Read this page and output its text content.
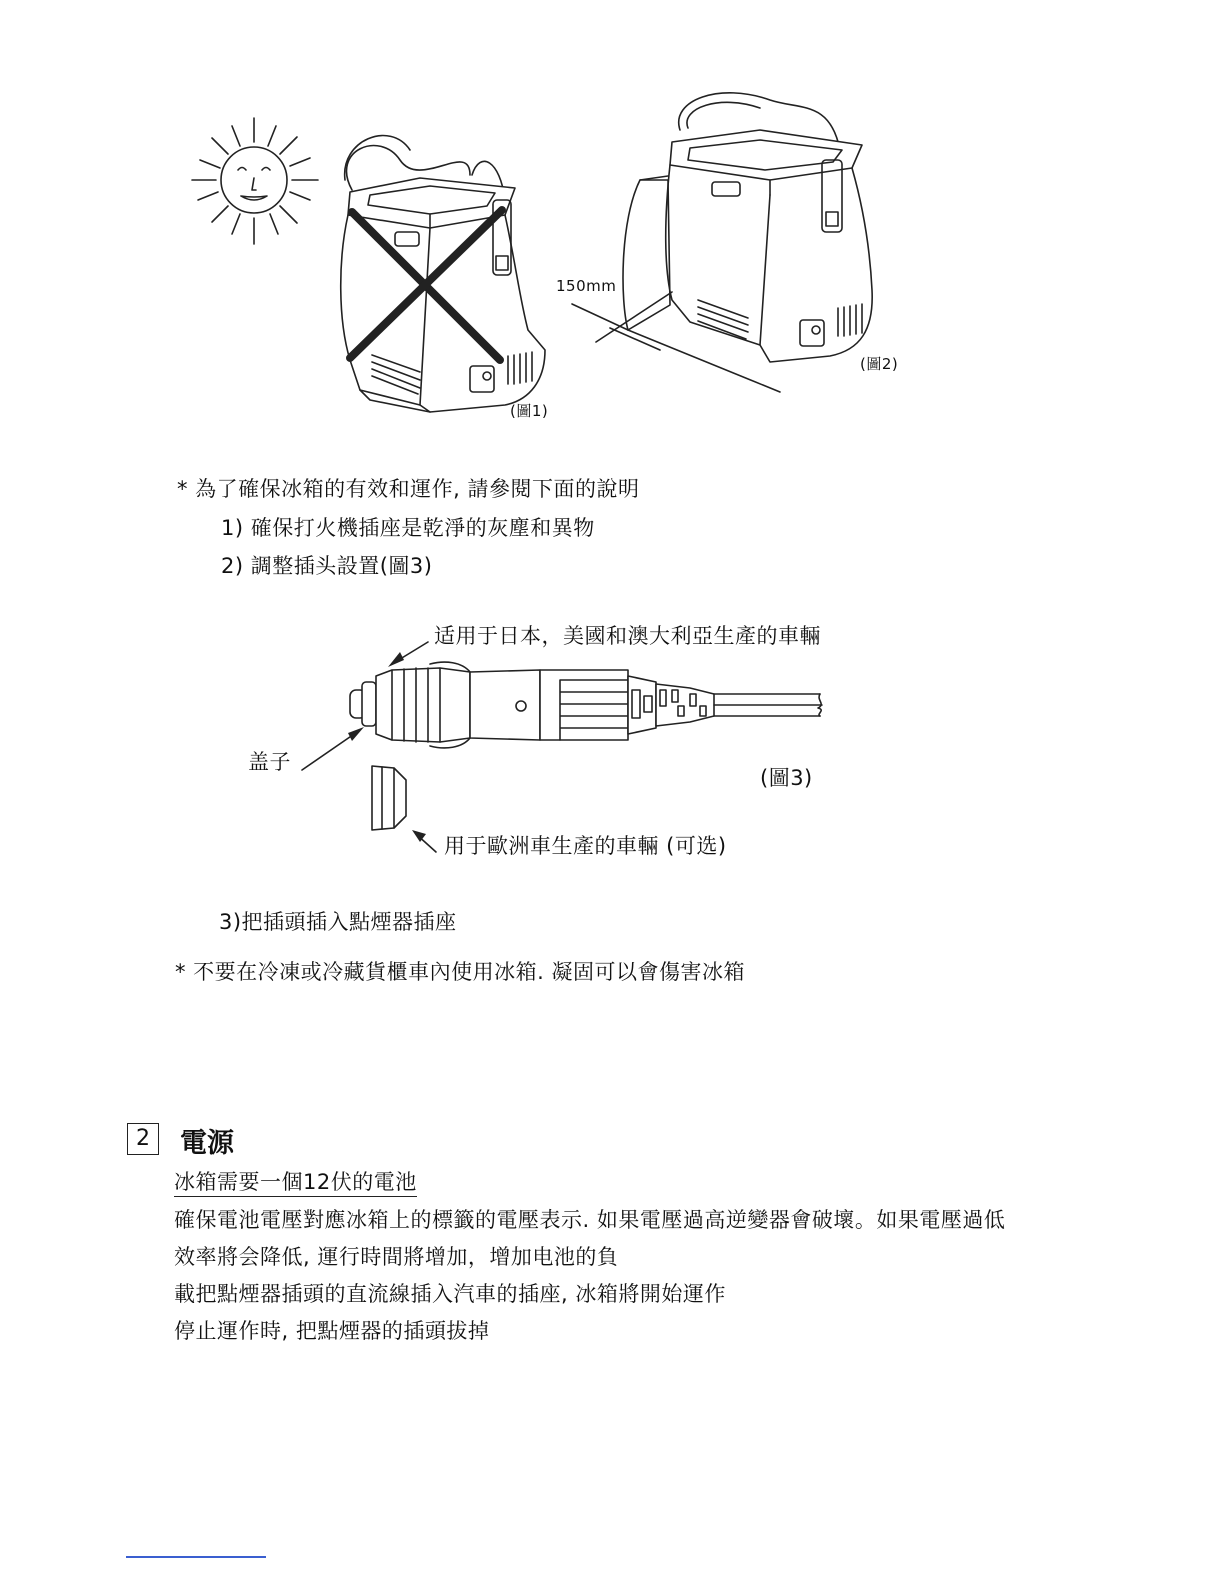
150mm
(圖1)
(圖2)
* 為了確保冰箱的有效和運作, 請參閱下面的說明
1) 確保打火機插座是乾淨的灰塵和異物
2) 調整插头設置(圖3)
适用于日本，美國和澳大利亞生產的車輛
盖子
(圖3)
用于歐洲車生產的車輛 (可选)
3)把插頭插入點煙器插座
* 不要在冷凍或冷藏貨櫃車內使用冰箱. 凝固可以會傷害冰箱
2	電源
冰箱需要一個12伏的電池
確保電池電壓對應冰箱上的標籤的電壓表示. 如果電壓過高逆變器會破壞。如果電壓過低
效率將会降低, 運行時間將增加，增加电池的負
載把點煙器插頭的直流線插入汽車的插座, 冰箱將開始運作
停止運作時, 把點煙器的插頭拔掉
